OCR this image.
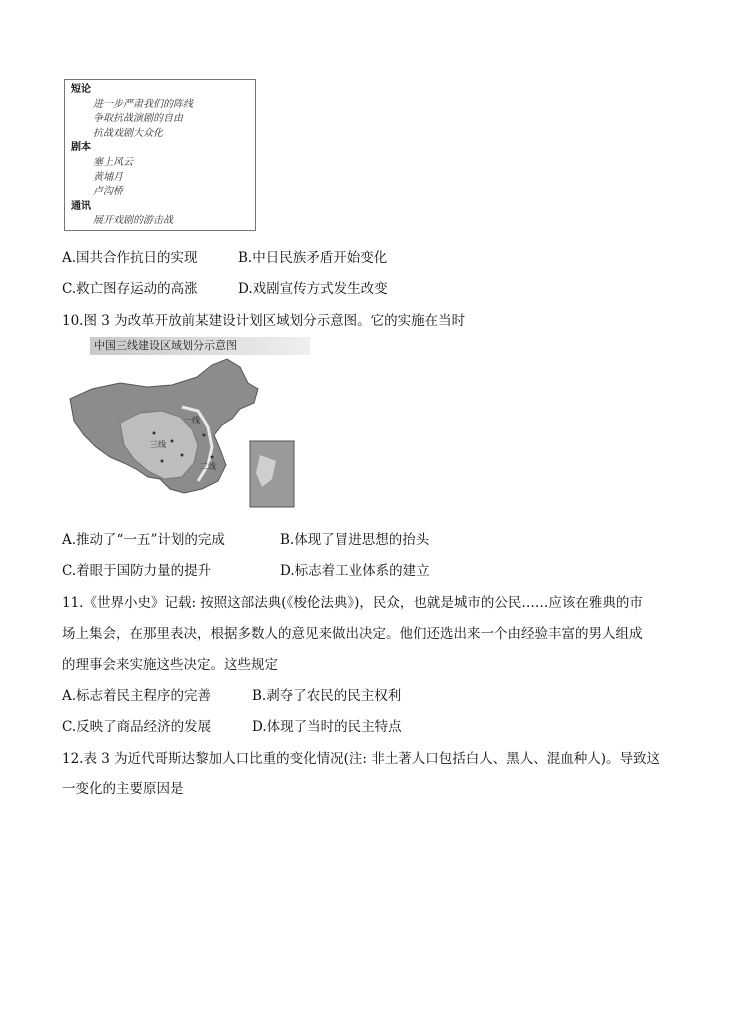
短论
进一步严肃我们的阵线
争取抗战演剧的自由
抗战戏剧大众化
剧本
塞上风云
黄埔月
卢沟桥
通讯
展开戏剧的游击战
A.国共合作抗日的实现	B.中日民族矛盾开始变化
C.救亡图存运动的高涨	D.戏剧宣传方式发生改变
10.图 3 为改革开放前某建设计划区域划分示意图。它的实施在当时
中国三线建设区域划分示意图
一线
三线
二线
A.推动了“一五”计划的完成	B.体现了冒进思想的抬头
C.着眼于国防力量的提升	D.标志着工业体系的建立
11.《世界小史》记载: 按照这部法典(《梭伦法典》)，民众，也就是城市的公民……应该在雅典的市
场上集会，在那里表决，根据多数人的意见来做出决定。他们还选出来一个由经验丰富的男人组成
的理事会来实施这些决定。这些规定
A.标志着民主程序的完善	B.剥夺了农民的民主权利
C.反映了商品经济的发展	D.体现了当时的民主特点
12.表 3 为近代哥斯达黎加人口比重的变化情况(注: 非土著人口包括白人、黑人、混血种人)。导致这
一变化的主要原因是
